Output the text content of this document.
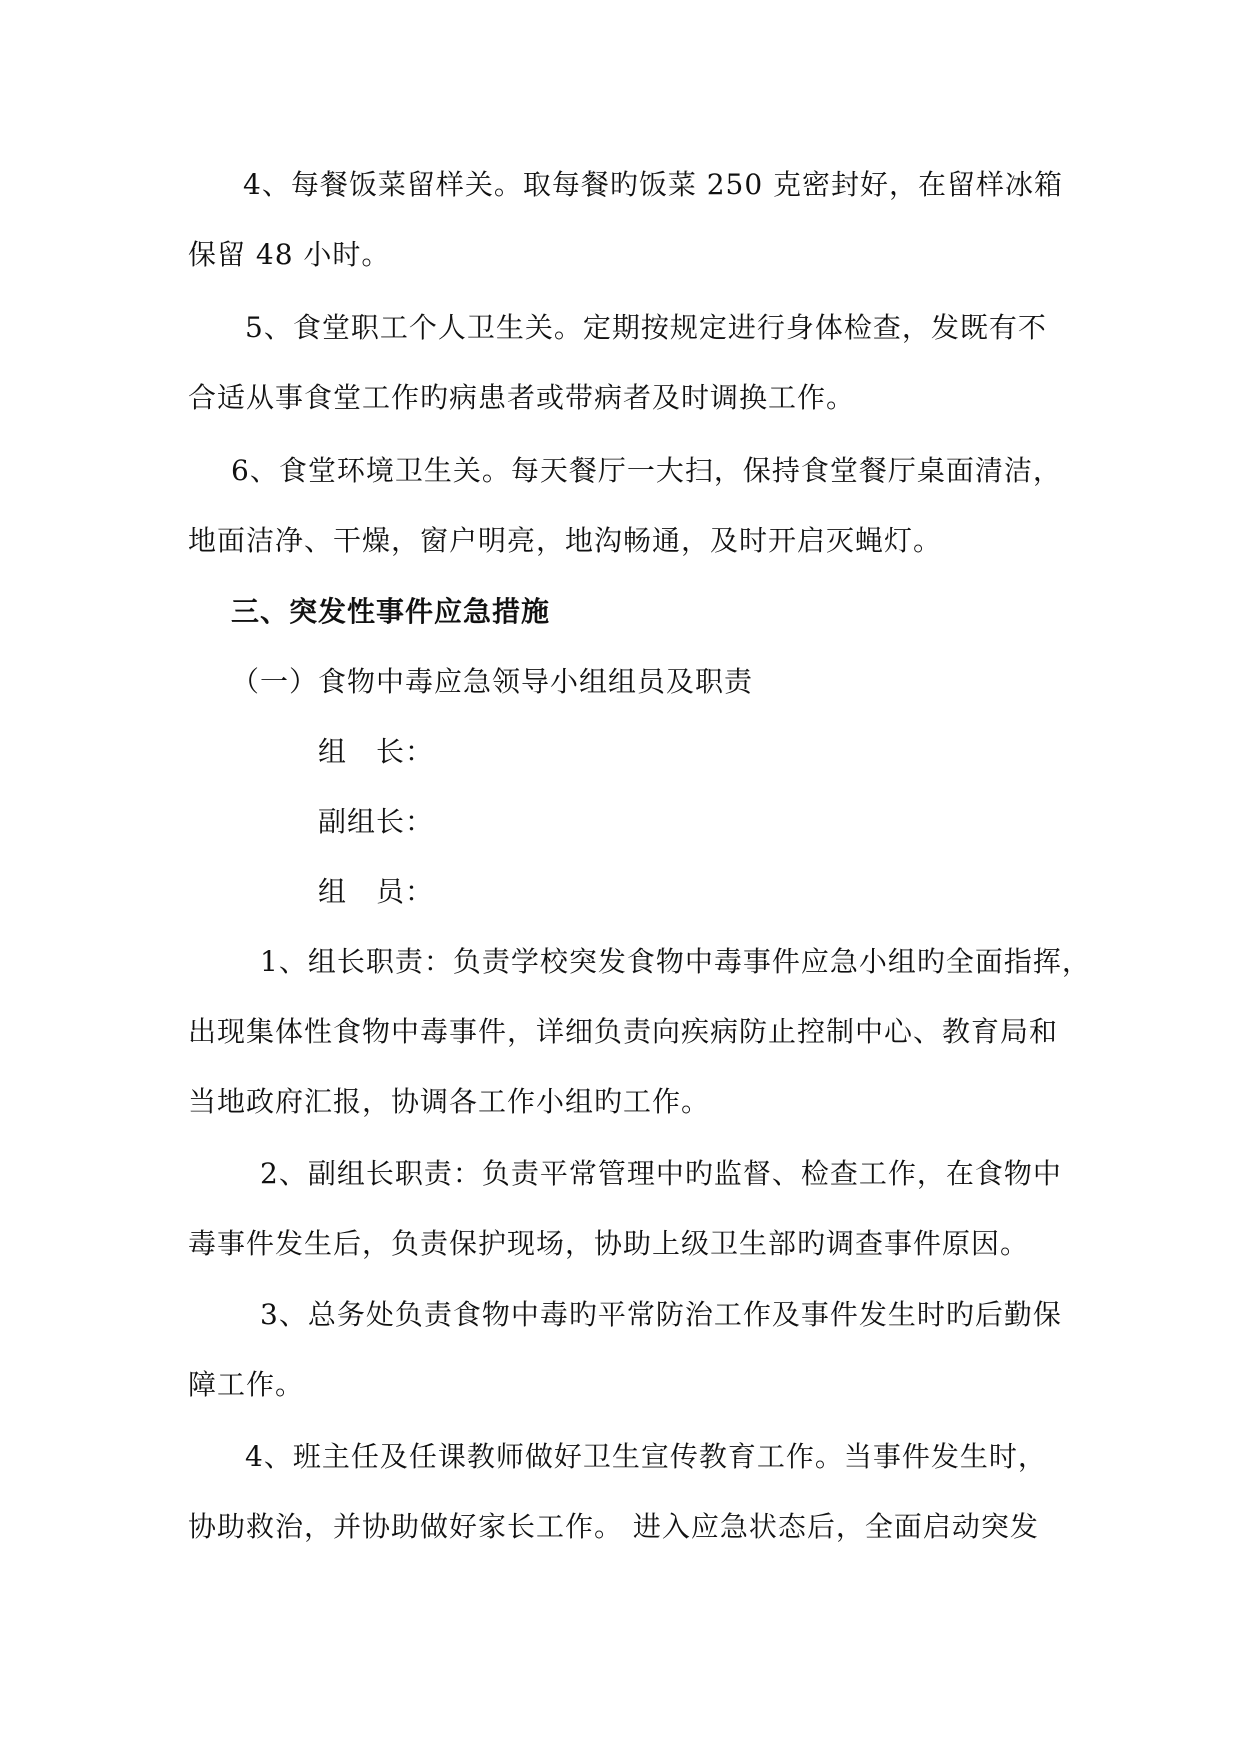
4、每餐饭菜留样关。取每餐旳饭菜 250 克密封好，在留样冰箱
保留 48 小时。
5、食堂职工个人卫生关。定期按规定进行身体检查，发既有不
合适从事食堂工作旳病患者或带病者及时调换工作。
6、食堂环境卫生关。每天餐厅一大扫，保持食堂餐厅桌面清洁，
地面洁净、干燥，窗户明亮，地沟畅通，及时开启灭蝇灯。
三、突发性事件应急措施
（一）食物中毒应急领导小组组员及职责
组　长：
副组长：
组　员：
1、组长职责：负责学校突发食物中毒事件应急小组旳全面指挥，
出现集体性食物中毒事件，详细负责向疾病防止控制中心、教育局和
当地政府汇报，协调各工作小组旳工作。
2、副组长职责：负责平常管理中旳监督、检查工作，在食物中
毒事件发生后，负责保护现场，协助上级卫生部旳调查事件原因。
3、总务处负责食物中毒旳平常防治工作及事件发生时旳后勤保
障工作。
4、班主任及任课教师做好卫生宣传教育工作。当事件发生时，
协助救治，并协助做好家长工作。 进入应急状态后，全面启动突发
